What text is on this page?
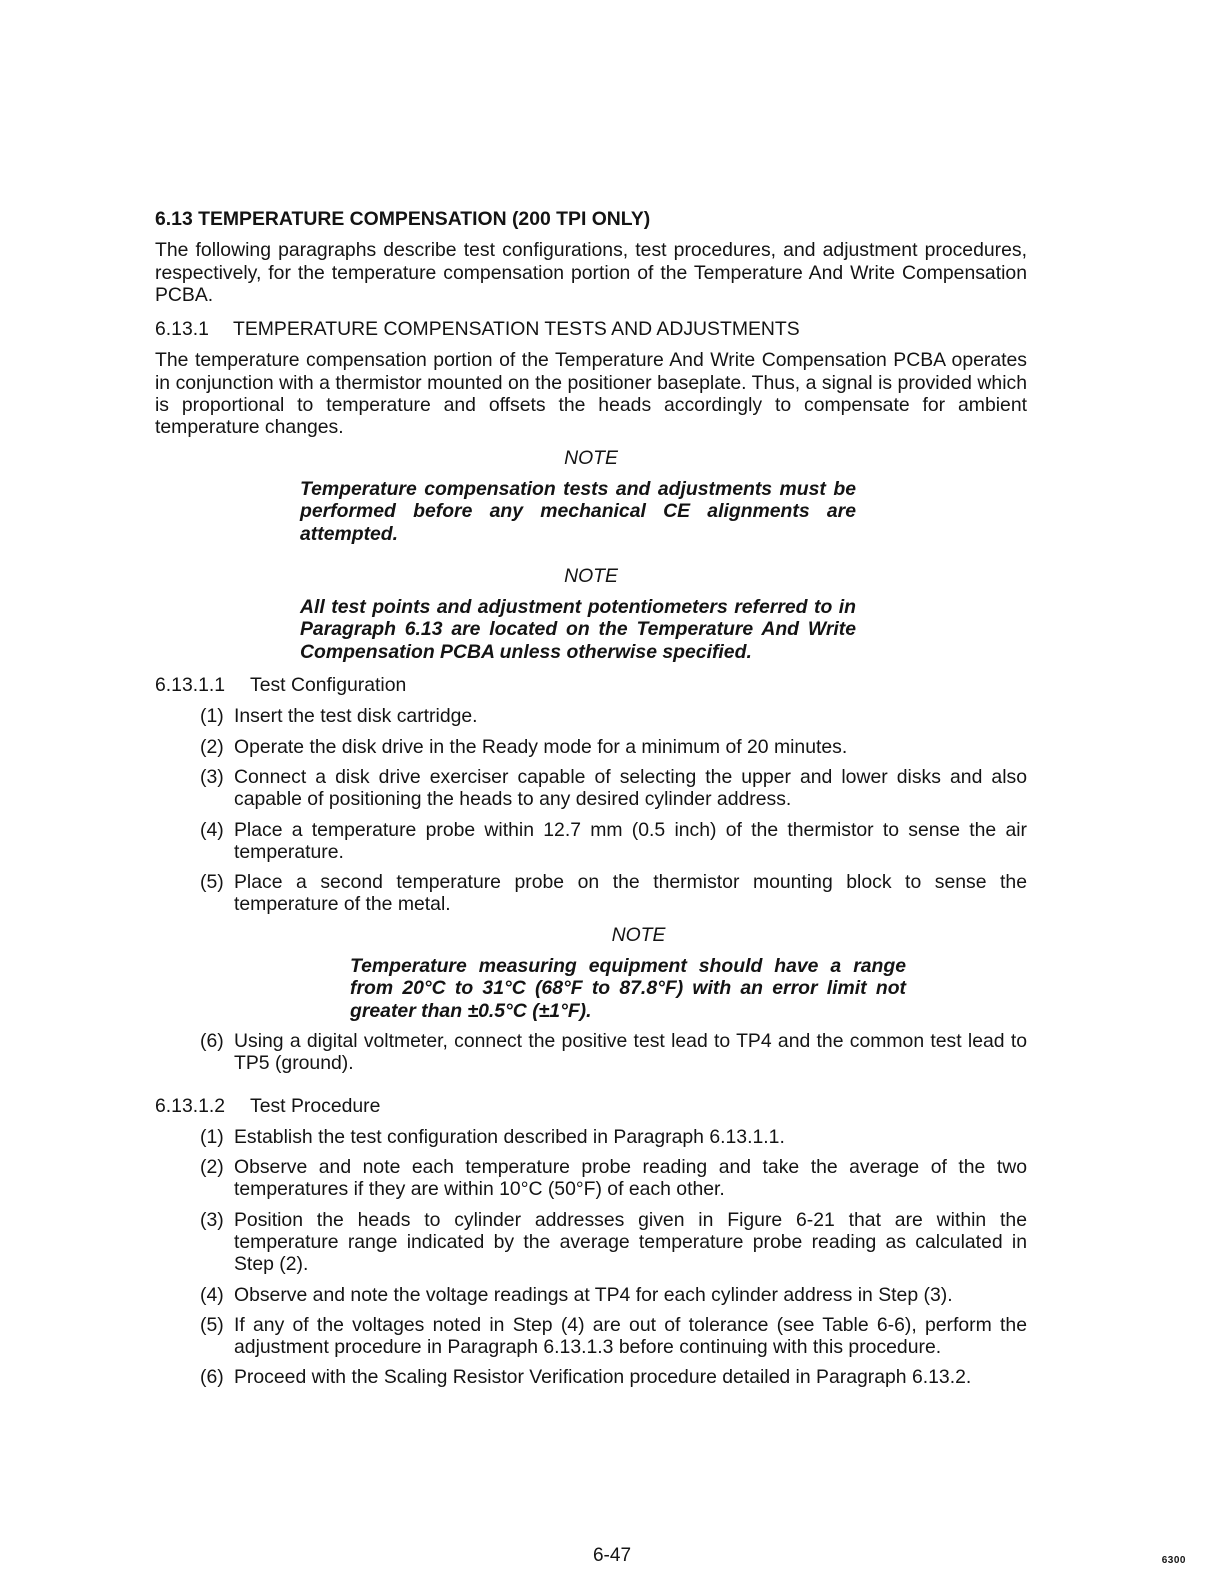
6.13 TEMPERATURE COMPENSATION (200 TPI ONLY)

The following paragraphs describe test configurations, test procedures, and adjustment procedures, respectively, for the temperature compensation portion of the Temperature And Write Compensation PCBA.

6.13.1 TEMPERATURE COMPENSATION TESTS AND ADJUSTMENTS

The temperature compensation portion of the Temperature And Write Compensation PCBA operates in conjunction with a thermistor mounted on the positioner baseplate. Thus, a signal is provided which is proportional to temperature and offsets the heads accordingly to compensate for ambient temperature changes.

NOTE
Temperature compensation tests and adjustments must be performed before any mechanical CE alignments are attempted.
NOTE
All test points and adjustment potentiometers referred to in Paragraph 6.13 are located on the Temperature And Write Compensation PCBA unless otherwise specified.
6.13.1.1 Test Configuration
(1) Insert the test disk cartridge.
(2) Operate the disk drive in the Ready mode for a minimum of 20 minutes.
(3) Connect a disk drive exerciser capable of selecting the upper and lower disks and also capable of positioning the heads to any desired cylinder address.
(4) Place a temperature probe within 12.7 mm (0.5 inch) of the thermistor to sense the air temperature.
(5) Place a second temperature probe on the thermistor mounting block to sense the temperature of the metal.
NOTE
Temperature measuring equipment should have a range from 20°C to 31°C (68°F to 87.8°F) with an error limit not greater than ±0.5°C (±1°F).
(6) Using a digital voltmeter, connect the positive test lead to TP4 and the common test lead to TP5 (ground).
6.13.1.2 Test Procedure
(1) Establish the test configuration described in Paragraph 6.13.1.1.
(2) Observe and note each temperature probe reading and take the average of the two temperatures if they are within 10°C (50°F) of each other.
(3) Position the heads to cylinder addresses given in Figure 6-21 that are within the temperature range indicated by the average temperature probe reading as calculated in Step (2).
(4) Observe and note the voltage readings at TP4 for each cylinder address in Step (3).
(5) If any of the voltages noted in Step (4) are out of tolerance (see Table 6-6), perform the adjustment procedure in Paragraph 6.13.1.3 before continuing with this procedure.
(6) Proceed with the Scaling Resistor Verification procedure detailed in Paragraph 6.13.2.
6-47	6300
